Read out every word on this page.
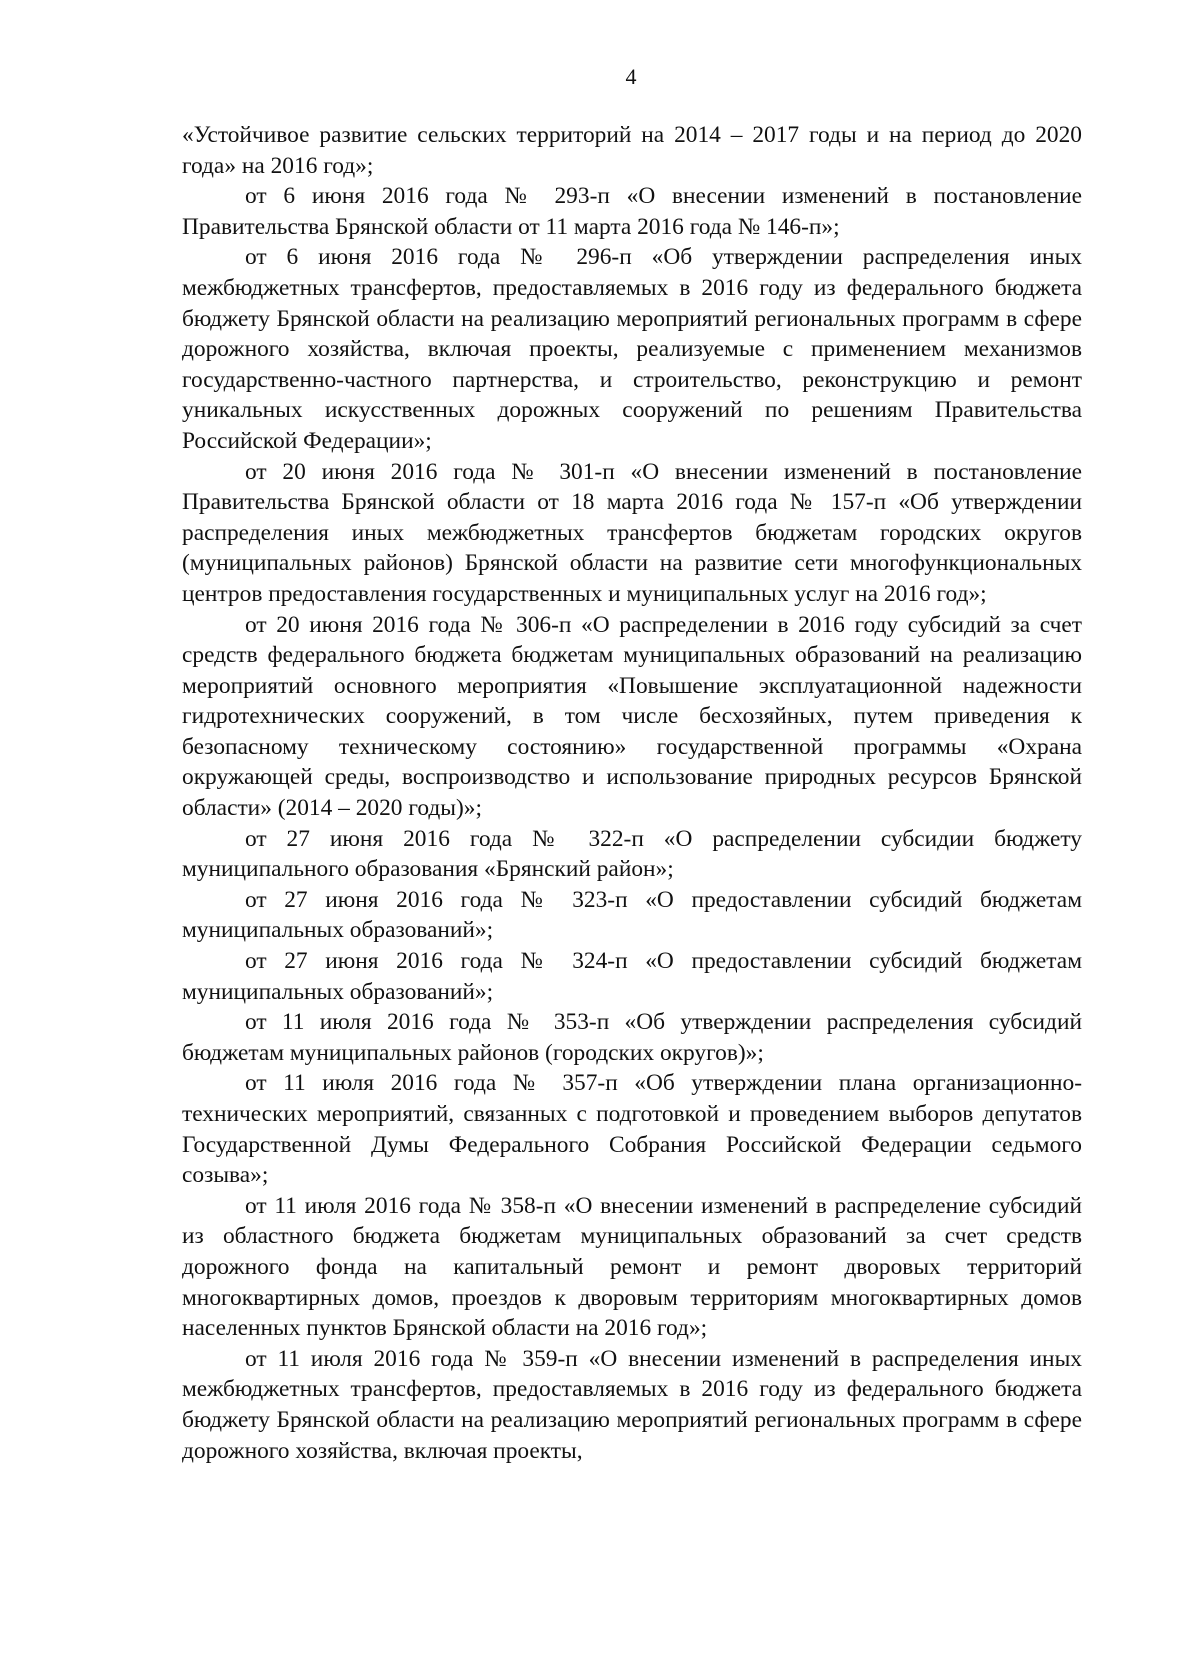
4

«Устойчивое развитие сельских территорий на 2014 – 2017 годы и на период до 2020 года» на 2016 год»;

от 6 июня 2016 года № 293-п «О внесении изменений в постановление Правительства Брянской области от 11 марта 2016 года № 146-п»;

от 6 июня 2016 года № 296-п «Об утверждении распределения иных межбюджетных трансфертов, предоставляемых в 2016 году из федерального бюджета бюджету Брянской области на реализацию мероприятий региональных программ в сфере дорожного хозяйства, включая проекты, реализуемые с применением механизмов государственно-частного партнерства, и строительство, реконструкцию и ремонт уникальных искусственных дорожных сооружений по решениям Правительства Российской Федерации»;

от 20 июня 2016 года № 301-п «О внесении изменений в постановление Правительства Брянской области от 18 марта 2016 года № 157-п «Об утверждении распределения иных межбюджетных трансфертов бюджетам городских округов (муниципальных районов) Брянской области на развитие сети многофункциональных центров предоставления государственных и муниципальных услуг на 2016 год»;

от 20 июня 2016 года № 306-п «О распределении в 2016 году субсидий за счет средств федерального бюджета бюджетам муниципальных образований на реализацию мероприятий основного мероприятия «Повышение эксплуатационной надежности гидротехнических сооружений, в том числе бесхозяйных, путем приведения к безопасному техническому состоянию» государственной программы «Охрана окружающей среды, воспроизводство и использование природных ресурсов Брянской области» (2014 – 2020 годы)»;

от 27 июня 2016 года № 322-п «О распределении субсидии бюджету муниципального образования «Брянский район»;

от 27 июня 2016 года № 323-п «О предоставлении субсидий бюджетам муниципальных образований»;

от 27 июня 2016 года № 324-п «О предоставлении субсидий бюджетам муниципальных образований»;

от 11 июля 2016 года № 353-п «Об утверждении распределения субсидий бюджетам муниципальных районов (городских округов)»;

от 11 июля 2016 года № 357-п «Об утверждении плана организационно-технических мероприятий, связанных с подготовкой и проведением выборов депутатов Государственной Думы Федерального Собрания Российской Федерации седьмого созыва»;

от 11 июля 2016 года № 358-п «О внесении изменений в распределение субсидий из областного бюджета бюджетам муниципальных образований за счет средств дорожного фонда на капитальный ремонт и ремонт дворовых территорий многоквартирных домов, проездов к дворовым территориям многоквартирных домов населенных пунктов Брянской области на 2016 год»;

от 11 июля 2016 года № 359-п «О внесении изменений в распределения иных межбюджетных трансфертов, предоставляемых в 2016 году из федерального бюджета бюджету Брянской области на реализацию мероприятий региональных программ в сфере дорожного хозяйства, включая проекты,
